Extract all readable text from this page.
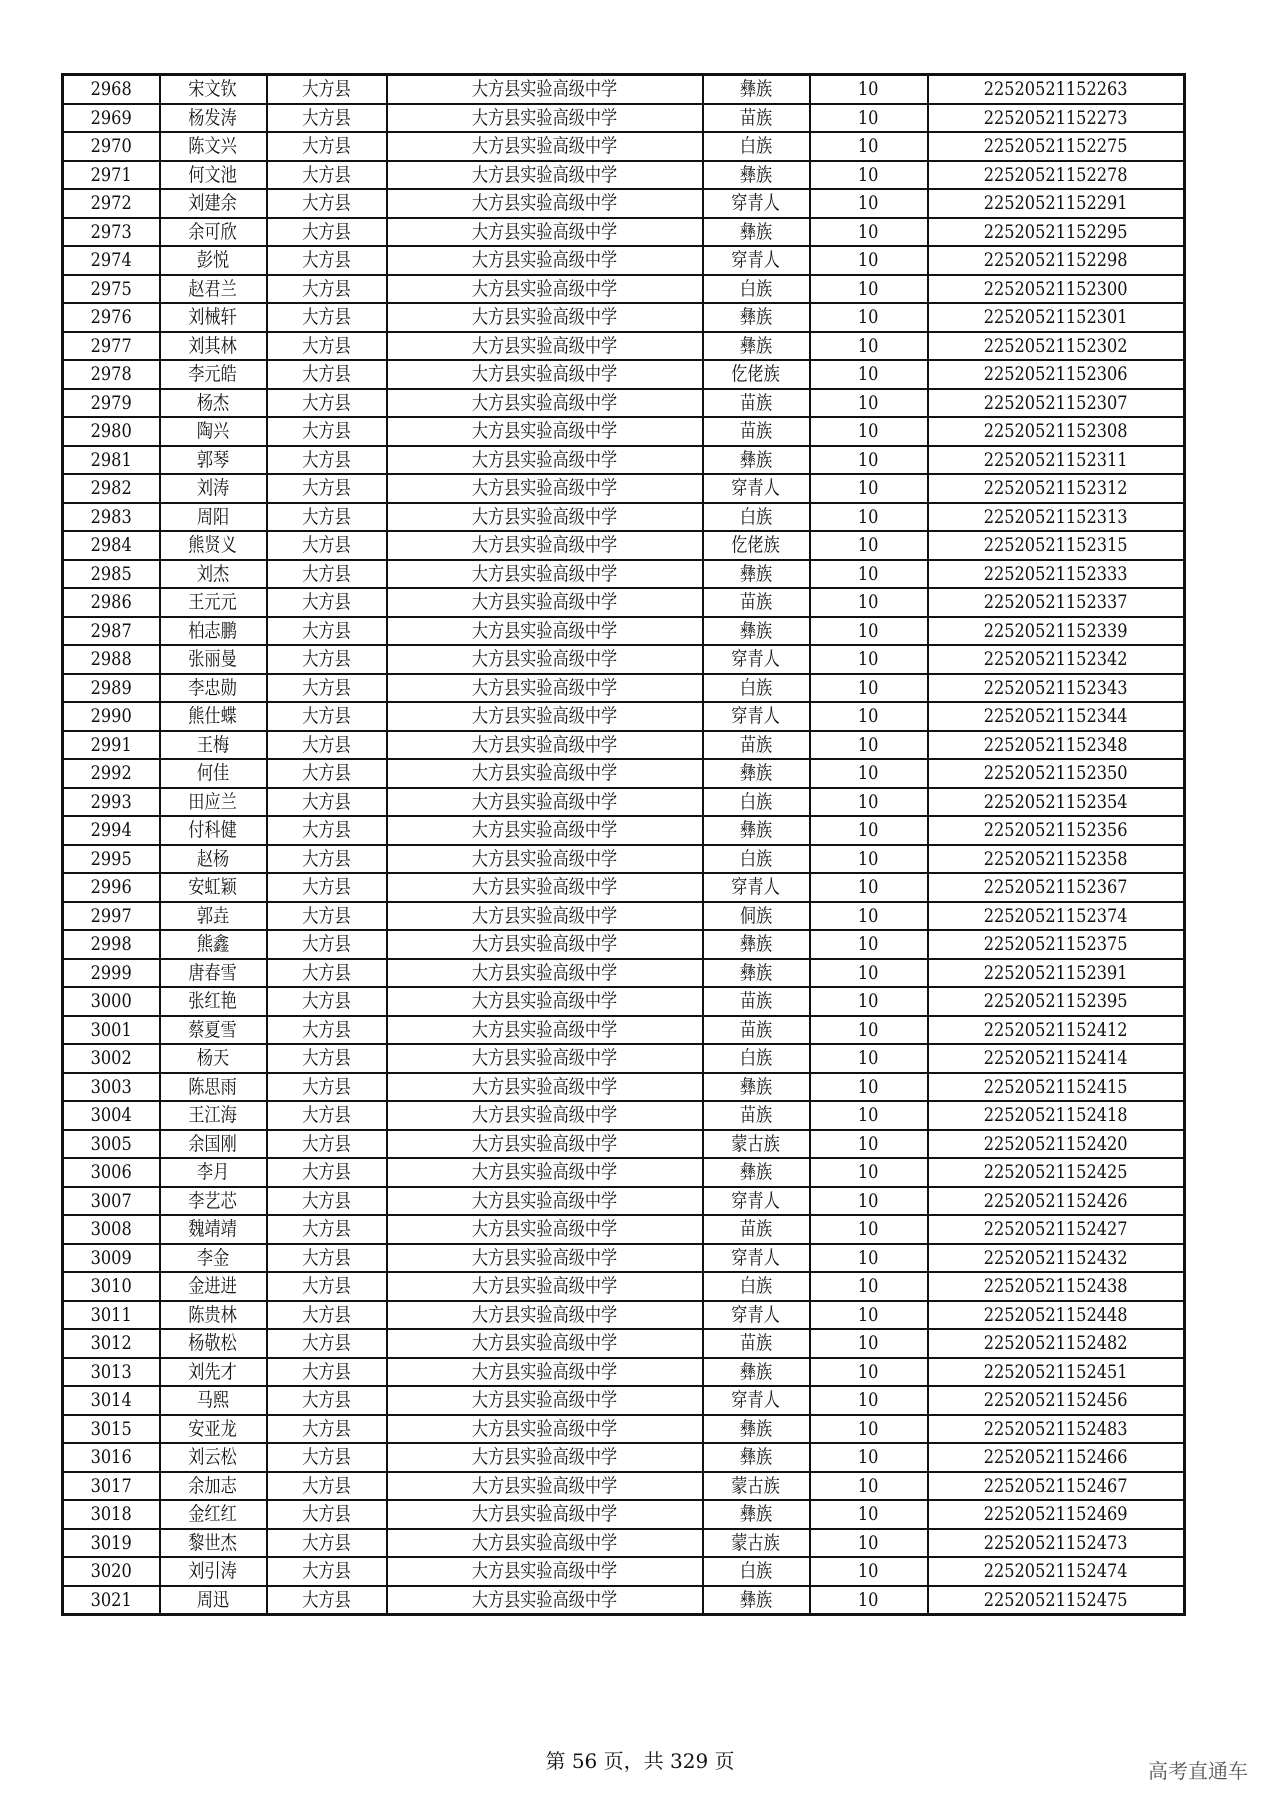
2968	宋文钦	大方县	大方县实验高级中学	彝族	10	22520521152263
2969	杨发涛	大方县	大方县实验高级中学	苗族	10	22520521152273
2970	陈文兴	大方县	大方县实验高级中学	白族	10	22520521152275
2971	何文池	大方县	大方县实验高级中学	彝族	10	22520521152278
2972	刘建余	大方县	大方县实验高级中学	穿青人	10	22520521152291
2973	余可欣	大方县	大方县实验高级中学	彝族	10	22520521152295
2974	彭悦	大方县	大方县实验高级中学	穿青人	10	22520521152298
2975	赵君兰	大方县	大方县实验高级中学	白族	10	22520521152300
2976	刘械轩	大方县	大方县实验高级中学	彝族	10	22520521152301
2977	刘其林	大方县	大方县实验高级中学	彝族	10	22520521152302
2978	李元皓	大方县	大方县实验高级中学	仡佬族	10	22520521152306
2979	杨杰	大方县	大方县实验高级中学	苗族	10	22520521152307
2980	陶兴	大方县	大方县实验高级中学	苗族	10	22520521152308
2981	郭琴	大方县	大方县实验高级中学	彝族	10	22520521152311
2982	刘涛	大方县	大方县实验高级中学	穿青人	10	22520521152312
2983	周阳	大方县	大方县实验高级中学	白族	10	22520521152313
2984	熊贤义	大方县	大方县实验高级中学	仡佬族	10	22520521152315
2985	刘杰	大方县	大方县实验高级中学	彝族	10	22520521152333
2986	王元元	大方县	大方县实验高级中学	苗族	10	22520521152337
2987	柏志鹏	大方县	大方县实验高级中学	彝族	10	22520521152339
2988	张丽曼	大方县	大方县实验高级中学	穿青人	10	22520521152342
2989	李忠勋	大方县	大方县实验高级中学	白族	10	22520521152343
2990	熊仕蝶	大方县	大方县实验高级中学	穿青人	10	22520521152344
2991	王梅	大方县	大方县实验高级中学	苗族	10	22520521152348
2992	何佳	大方县	大方县实验高级中学	彝族	10	22520521152350
2993	田应兰	大方县	大方县实验高级中学	白族	10	22520521152354
2994	付科健	大方县	大方县实验高级中学	彝族	10	22520521152356
2995	赵杨	大方县	大方县实验高级中学	白族	10	22520521152358
2996	安虹颖	大方县	大方县实验高级中学	穿青人	10	22520521152367
2997	郭垚	大方县	大方县实验高级中学	侗族	10	22520521152374
2998	熊鑫	大方县	大方县实验高级中学	彝族	10	22520521152375
2999	唐春雪	大方县	大方县实验高级中学	彝族	10	22520521152391
3000	张红艳	大方县	大方县实验高级中学	苗族	10	22520521152395
3001	蔡夏雪	大方县	大方县实验高级中学	苗族	10	22520521152412
3002	杨天	大方县	大方县实验高级中学	白族	10	22520521152414
3003	陈思雨	大方县	大方县实验高级中学	彝族	10	22520521152415
3004	王江海	大方县	大方县实验高级中学	苗族	10	22520521152418
3005	余国刚	大方县	大方县实验高级中学	蒙古族	10	22520521152420
3006	李月	大方县	大方县实验高级中学	彝族	10	22520521152425
3007	李艺芯	大方县	大方县实验高级中学	穿青人	10	22520521152426
3008	魏靖靖	大方县	大方县实验高级中学	苗族	10	22520521152427
3009	李金	大方县	大方县实验高级中学	穿青人	10	22520521152432
3010	金进进	大方县	大方县实验高级中学	白族	10	22520521152438
3011	陈贵林	大方县	大方县实验高级中学	穿青人	10	22520521152448
3012	杨敬松	大方县	大方县实验高级中学	苗族	10	22520521152482
3013	刘先才	大方县	大方县实验高级中学	彝族	10	22520521152451
3014	马熙	大方县	大方县实验高级中学	穿青人	10	22520521152456
3015	安亚龙	大方县	大方县实验高级中学	彝族	10	22520521152483
3016	刘云松	大方县	大方县实验高级中学	彝族	10	22520521152466
3017	余加志	大方县	大方县实验高级中学	蒙古族	10	22520521152467
3018	金红红	大方县	大方县实验高级中学	彝族	10	22520521152469
3019	黎世杰	大方县	大方县实验高级中学	蒙古族	10	22520521152473
3020	刘引涛	大方县	大方县实验高级中学	白族	10	22520521152474
3021	周迅	大方县	大方县实验高级中学	彝族	10	22520521152475
第 56 页，共 329 页	高考直通车
